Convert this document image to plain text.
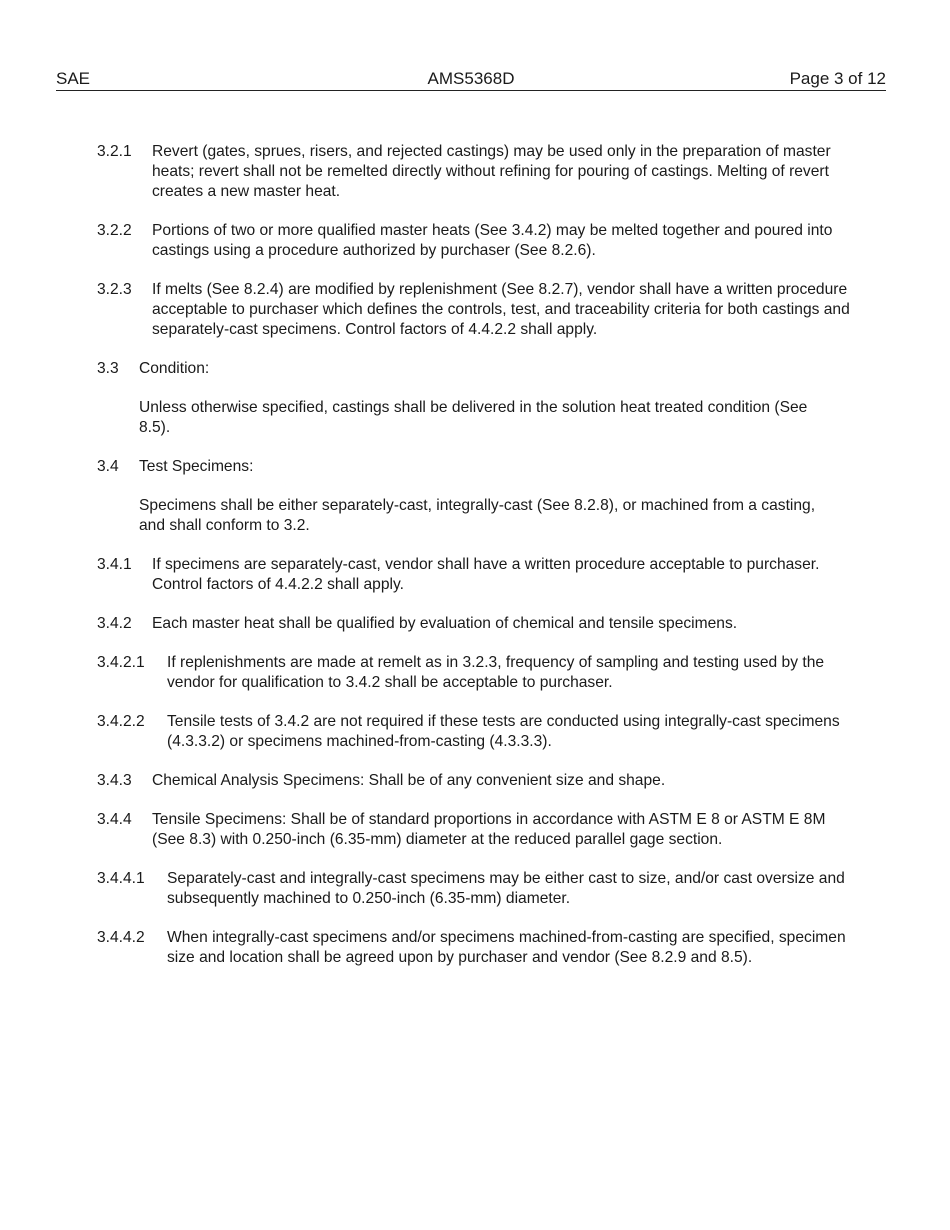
SAE	AMS5368D	Page 3 of 12
3.2.1 Revert (gates, sprues, risers, and rejected castings) may be used only in the preparation of master heats; revert shall not be remelted directly without refining for pouring of castings. Melting of revert creates a new master heat.
3.2.2 Portions of two or more qualified master heats (See 3.4.2) may be melted together and poured into castings using a procedure authorized by purchaser (See 8.2.6).
3.2.3 If melts (See 8.2.4) are modified by replenishment (See 8.2.7), vendor shall have a written procedure acceptable to purchaser which defines the controls, test, and traceability criteria for both castings and separately-cast specimens. Control factors of 4.4.2.2 shall apply.
3.3 Condition:
Unless otherwise specified, castings shall be delivered in the solution heat treated condition (See 8.5).
3.4 Test Specimens:
Specimens shall be either separately-cast, integrally-cast (See 8.2.8), or machined from a casting, and shall conform to 3.2.
3.4.1 If specimens are separately-cast, vendor shall have a written procedure acceptable to purchaser. Control factors of 4.4.2.2 shall apply.
3.4.2 Each master heat shall be qualified by evaluation of chemical and tensile specimens.
3.4.2.1 If replenishments are made at remelt as in 3.2.3, frequency of sampling and testing used by the vendor for qualification to 3.4.2 shall be acceptable to purchaser.
3.4.2.2 Tensile tests of 3.4.2 are not required if these tests are conducted using integrally-cast specimens (4.3.3.2) or specimens machined-from-casting (4.3.3.3).
3.4.3 Chemical Analysis Specimens: Shall be of any convenient size and shape.
3.4.4 Tensile Specimens: Shall be of standard proportions in accordance with ASTM E 8 or ASTM E 8M (See 8.3) with 0.250-inch (6.35-mm) diameter at the reduced parallel gage section.
3.4.4.1 Separately-cast and integrally-cast specimens may be either cast to size, and/or cast oversize and subsequently machined to 0.250-inch (6.35-mm) diameter.
3.4.4.2 When integrally-cast specimens and/or specimens machined-from-casting are specified, specimen size and location shall be agreed upon by purchaser and vendor (See 8.2.9 and 8.5).
